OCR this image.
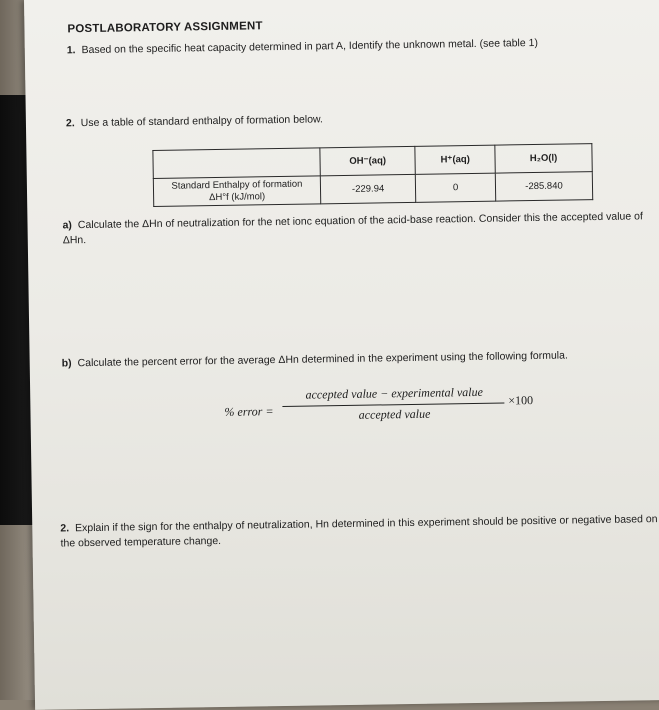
POSTLABORATORY ASSIGNMENT
1. Based on the specific heat capacity determined in part A, Identify the unknown metal. (see table 1)
2. Use a table of standard enthalpy of formation below.
	OH⁻(aq)	H⁺(aq)	H₂O(l)

Standard Enthalpy of formation
ΔH°f (kJ/mol)	-229.94	0	-285.840
a) Calculate the ΔHn of neutralization for the net ionc equation of the acid-base reaction. Consider this the accepted value of ΔHn.
b) Calculate the percent error for the average ΔHn determined in the experiment using the following formula.
% error =
accepted value − experimental value
accepted value
×100
2. Explain if the sign for the enthalpy of neutralization, Hn determined in this experiment should be positive or negative based on the observed temperature change.
